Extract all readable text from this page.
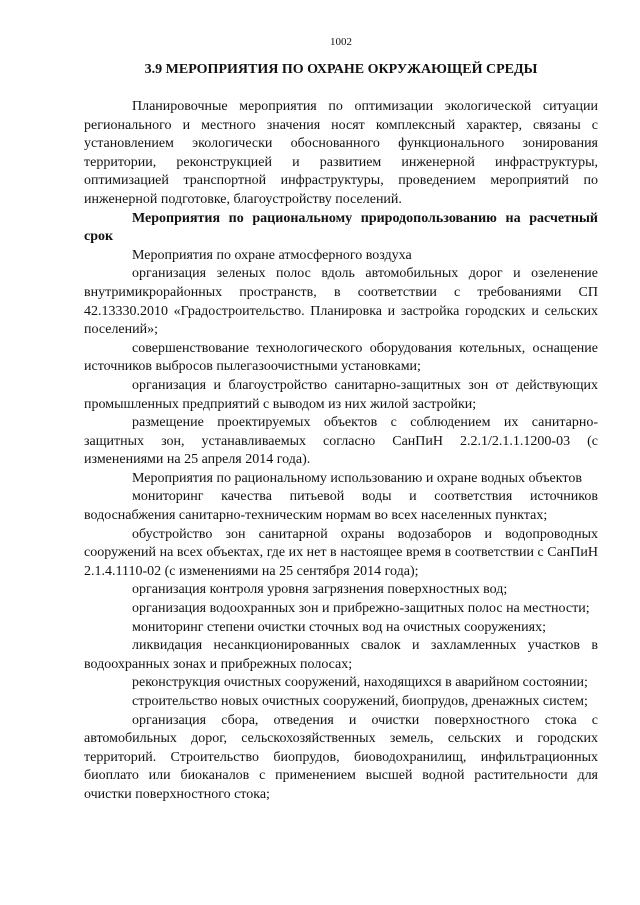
1002
3.9 МЕРОПРИЯТИЯ ПО ОХРАНЕ ОКРУЖАЮЩЕЙ СРЕДЫ

Планировочные мероприятия по оптимизации экологической ситуации регионального и местного значения носят комплексный характер, связаны с установлением экологически обоснованного функционального зонирования территории, реконструкцией и развитием инженерной инфраструктуры, оптимизацией транспортной инфраструктуры, проведением мероприятий по инженерной подготовке, благоустройству поселений.

Мероприятия по рациональному природопользованию на расчетный срок

Мероприятия по охране атмосферного воздуха

организация зеленых полос вдоль автомобильных дорог и озеленение внутримикрорайонных пространств, в соответствии с требованиями СП 42.13330.2010 «Градостроительство. Планировка и застройка городских и сельских поселений»;

совершенствование технологического оборудования котельных, оснащение источников выбросов пылегазоочистными установками;

организация и благоустройство санитарно-защитных зон от действующих промышленных предприятий с выводом из них жилой застройки;

размещение проектируемых объектов с соблюдением их санитарно-защитных зон, устанавливаемых согласно СанПиН 2.2.1/2.1.1.1200-03 (с изменениями на 25 апреля 2014 года).

Мероприятия по рациональному использованию и охране водных объектов

мониторинг качества питьевой воды и соответствия источников водоснабжения санитарно-техническим нормам во всех населенных пунктах;

обустройство зон санитарной охраны водозаборов и водопроводных сооружений на всех объектах, где их нет в настоящее время в соответствии с СанПиН 2.1.4.1110-02 (с изменениями на 25 сентября 2014 года);

организация контроля уровня загрязнения поверхностных вод;

организация водоохранных зон и прибрежно-защитных полос на местности;

мониторинг степени очистки сточных вод на очистных сооружениях;

ликвидация несанкционированных свалок и захламленных участков в водоохранных зонах и прибрежных полосах;

реконструкция очистных сооружений, находящихся в аварийном состоянии;

строительство новых очистных сооружений, биопрудов, дренажных систем;

организация сбора, отведения и очистки поверхностного стока с автомобильных дорог, сельскохозяйственных земель, сельских и городских территорий. Строительство биопрудов, биоводохранилищ, инфильтрационных биоплато или биоканалов с применением высшей водной растительности для очистки поверхностного стока;
